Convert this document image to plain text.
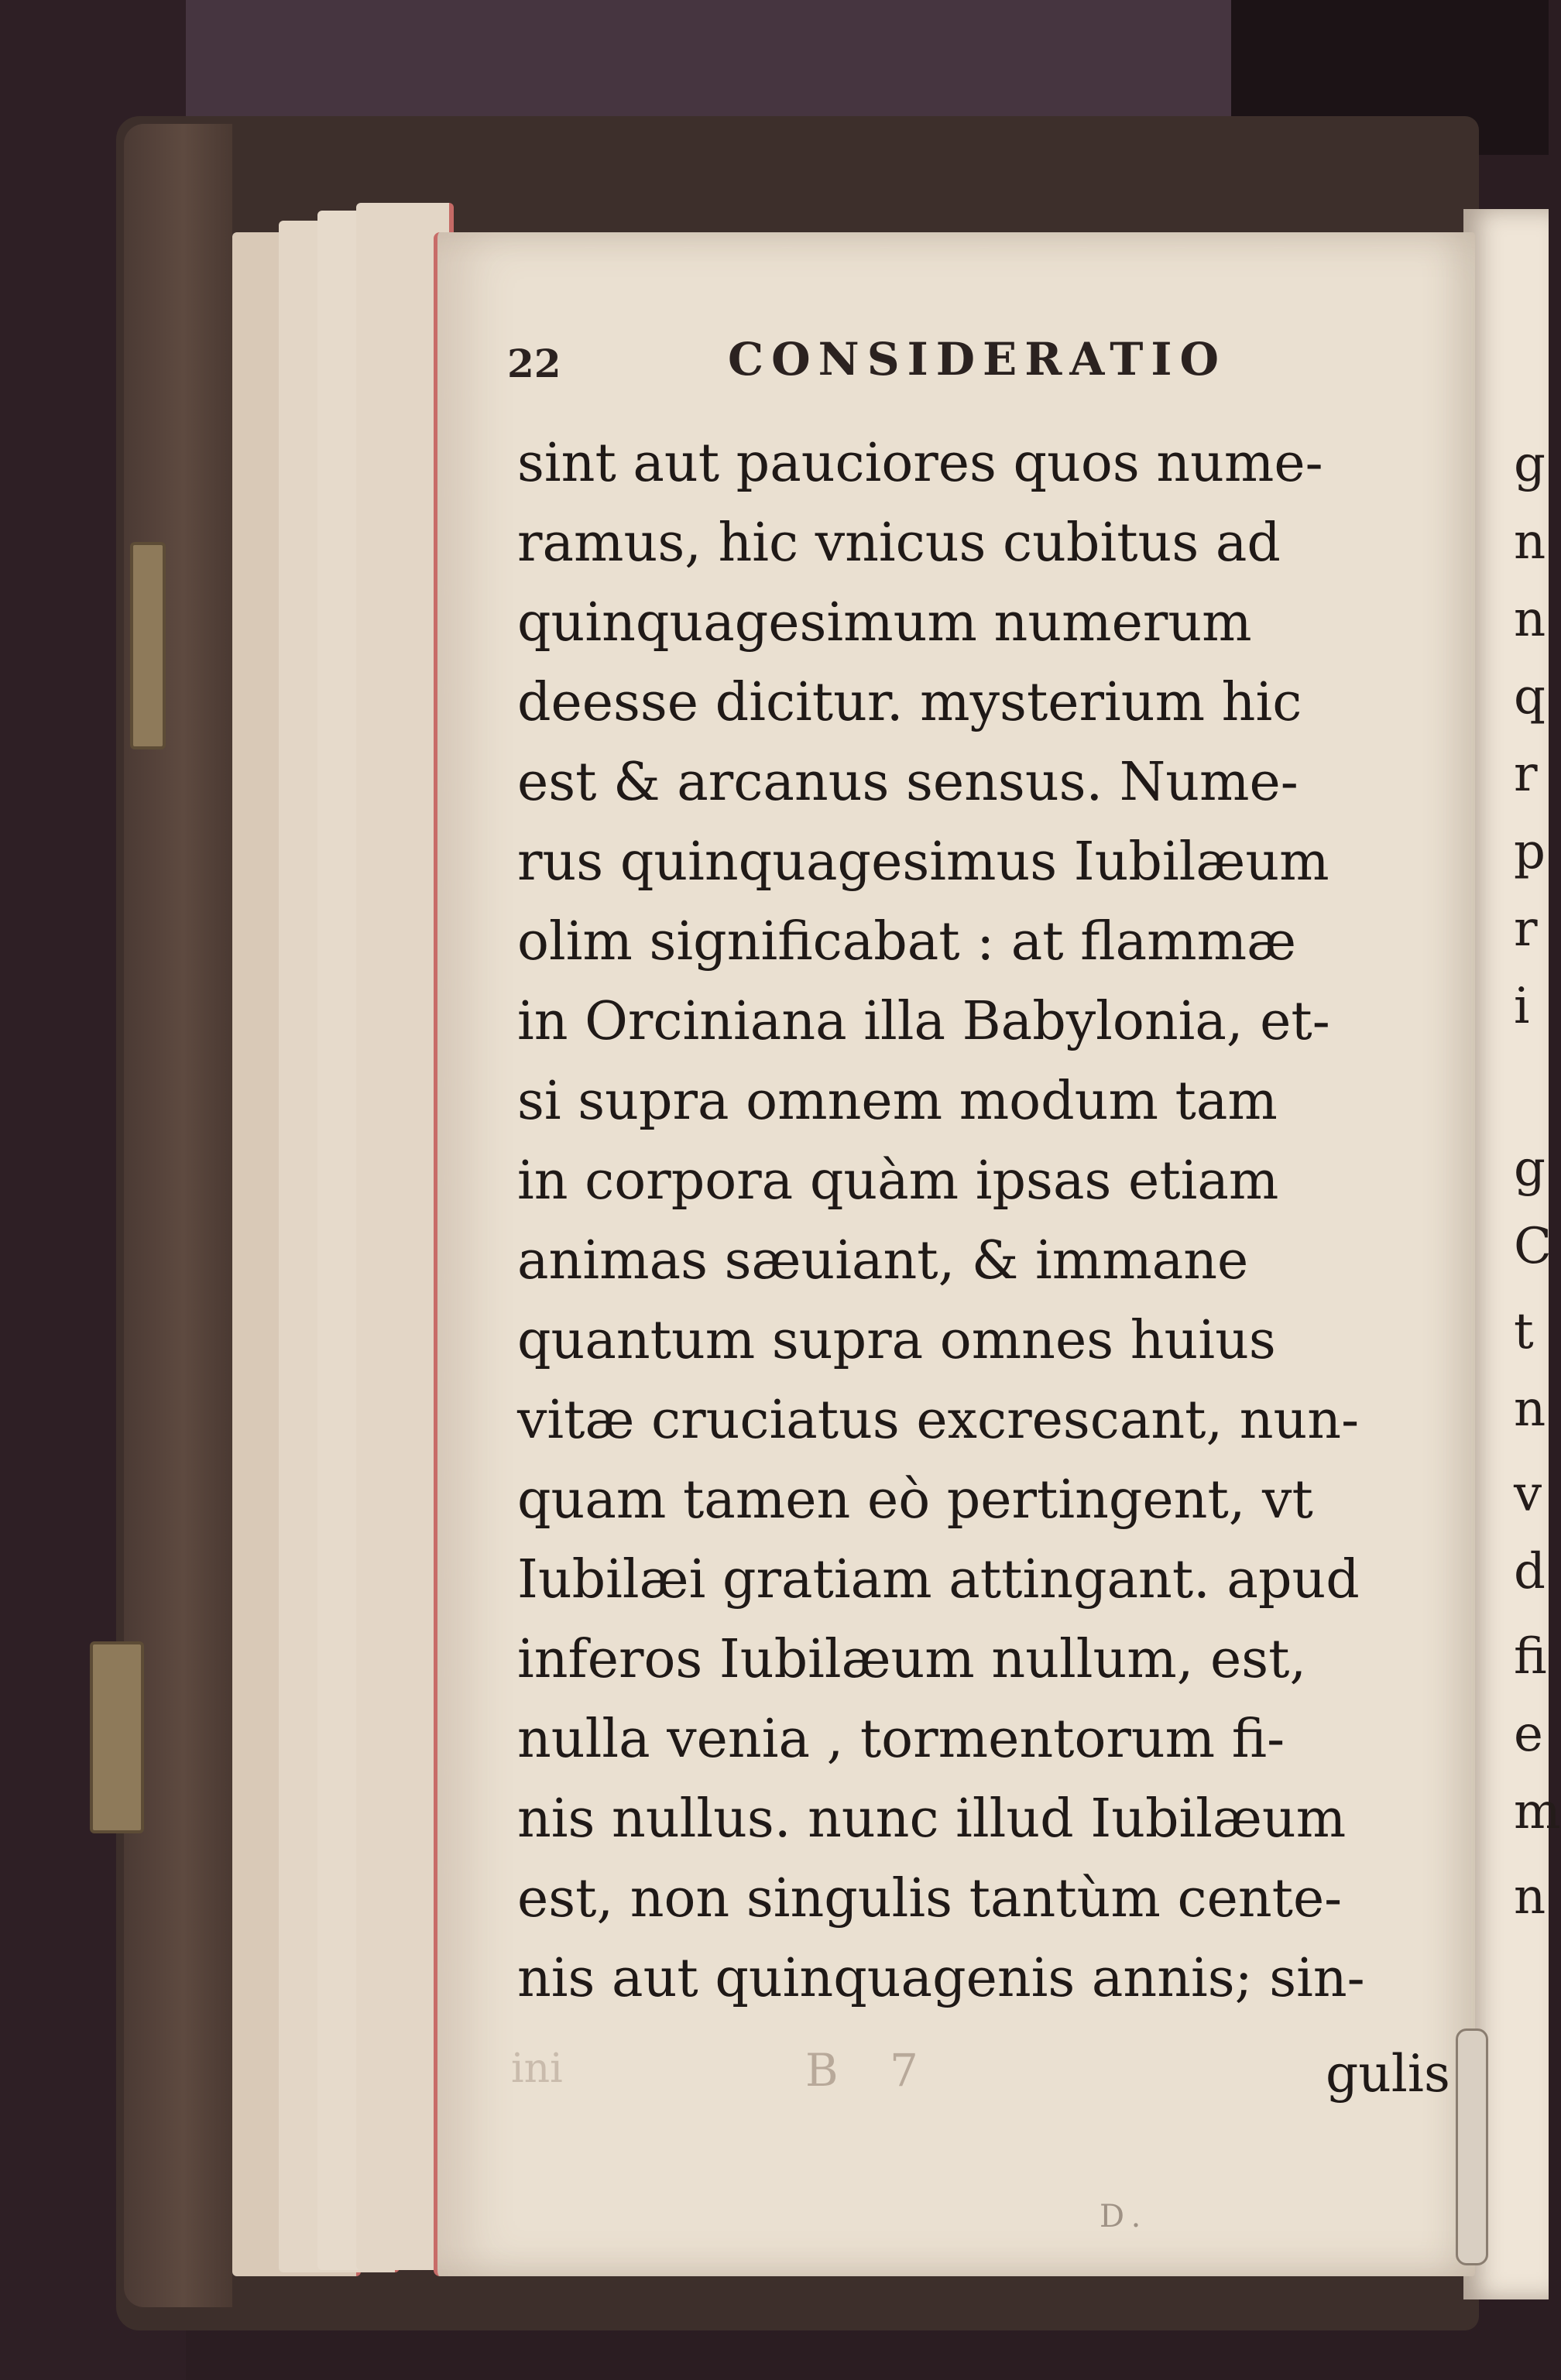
g
n
n
q
r
p
r
i
g
C
t
n
v
d
fi
e
m
n
22	CONSIDERATIO
sint aut pauciores quos nume-
ramus, hic vnicus cubitus ad
quinquagesimum numerum
deesse dicitur. mysterium hic
est & arcanus sensus. Nume-
rus quinquagesimus Iubilæum
olim significabat : at flammæ
in Orciniana illa Babylonia, et-
si supra omnem modum tam
in corpora quàm ipsas etiam
animas sæuiant, & immane
quantum supra omnes huius
vitæ cruciatus excrescant, nun-
quam tamen eò pertingent, vt
Iubilæi gratiam attingant. apud
inferos Iubilæum nullum, est,
nulla venia , tormentorum fi-
nis nullus. nunc illud Iubilæum
est, non singulis tantùm cente-
nis aut quinquagenis annis; sin-
ini	B 7	gulis
D.
